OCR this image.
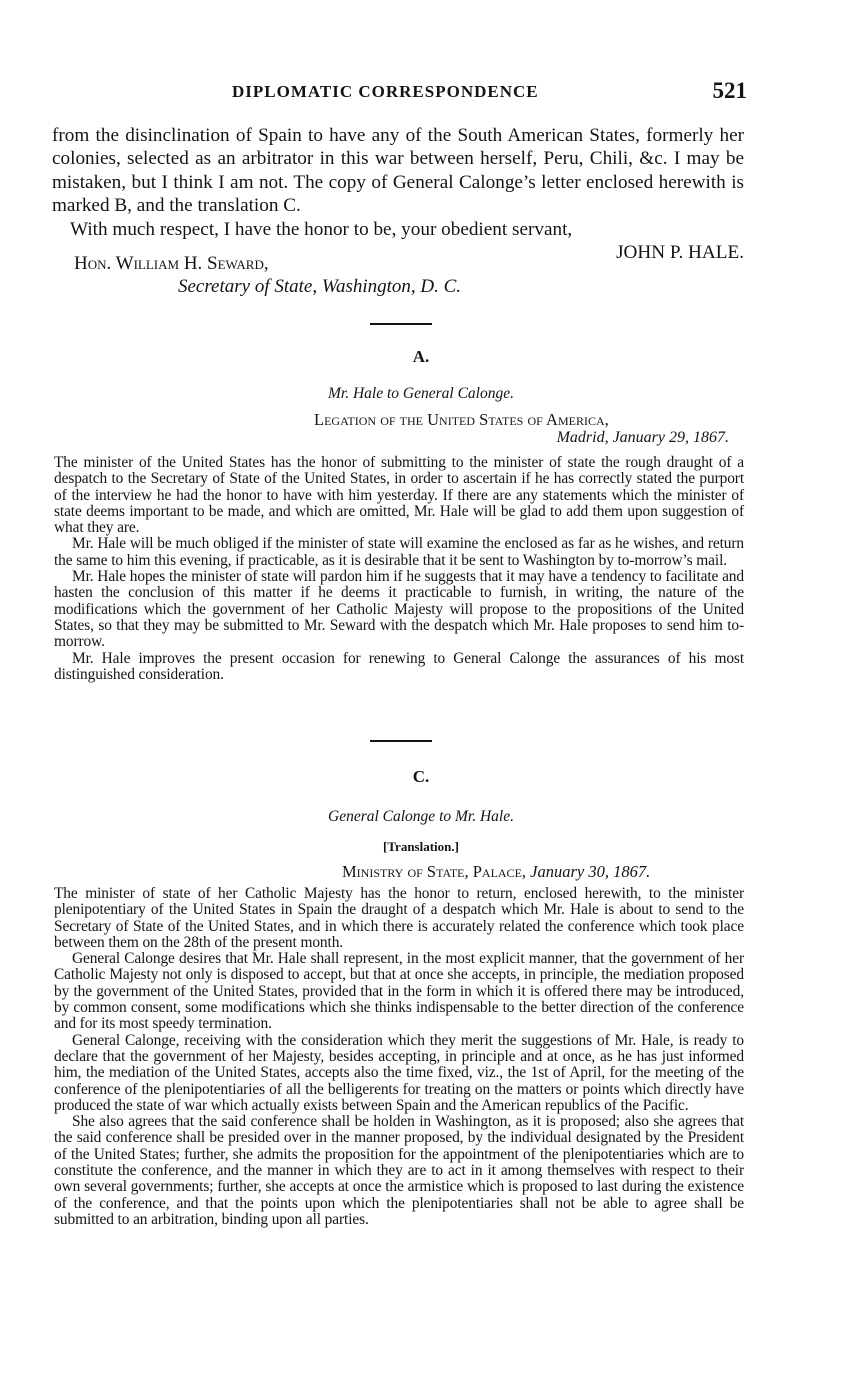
DIPLOMATIC CORRESPONDENCE	521

from the disinclination of Spain to have any of the South American States, formerly her colonies, selected as an arbitrator in this war between herself, Peru, Chili, &c. I may be mistaken, but I think I am not. The copy of General Calonge’s letter enclosed herewith is marked B, and the translation C.

With much respect, I have the honor to be, your obedient servant,

JOHN P. HALE.

Hon. William H. Seward,
Secretary of State, Washington, D. C.
A.
Mr. Hale to General Calonge.
Legation of the United States of America,
Madrid, January 29, 1867.

The minister of the United States has the honor of submitting to the minister of state the rough draught of a despatch to the Secretary of State of the United States, in order to ascertain if he has correctly stated the purport of the interview he had the honor to have with him yesterday. If there are any statements which the minister of state deems important to be made, and which are omitted, Mr. Hale will be glad to add them upon suggestion of what they are.

Mr. Hale will be much obliged if the minister of state will examine the enclosed as far as he wishes, and return the same to him this evening, if practicable, as it is desirable that it be sent to Washington by to-morrow’s mail.

Mr. Hale hopes the minister of state will pardon him if he suggests that it may have a tendency to facilitate and hasten the conclusion of this matter if he deems it practicable to furnish, in writing, the nature of the modifications which the government of her Catholic Majesty will propose to the propositions of the United States, so that they may be submitted to Mr. Seward with the despatch which Mr. Hale proposes to send him to-morrow.

Mr. Hale improves the present occasion for renewing to General Calonge the assurances of his most distinguished consideration.

C.
General Calonge to Mr. Hale.
[Translation.]
Ministry of State, Palace, January 30, 1867.

The minister of state of her Catholic Majesty has the honor to return, enclosed herewith, to the minister plenipotentiary of the United States in Spain the draught of a despatch which Mr. Hale is about to send to the Secretary of State of the United States, and in which there is accurately related the conference which took place between them on the 28th of the present month.

General Calonge desires that Mr. Hale shall represent, in the most explicit manner, that the government of her Catholic Majesty not only is disposed to accept, but that at once she accepts, in principle, the mediation proposed by the government of the United States, provided that in the form in which it is offered there may be introduced, by common consent, some modifications which she thinks indispensable to the better direction of the conference and for its most speedy termination.

General Calonge, receiving with the consideration which they merit the suggestions of Mr. Hale, is ready to declare that the government of her Majesty, besides accepting, in principle and at once, as he has just informed him, the mediation of the United States, accepts also the time fixed, viz., the 1st of April, for the meeting of the conference of the plenipotentiaries of all the belligerents for treating on the matters or points which directly have produced the state of war which actually exists between Spain and the American republics of the Pacific.

She also agrees that the said conference shall be holden in Washington, as it is proposed; also she agrees that the said conference shall be presided over in the manner proposed, by the individual designated by the President of the United States; further, she admits the proposition for the appointment of the plenipotentiaries which are to constitute the conference, and the manner in which they are to act in it among themselves with respect to their own several governments; further, she accepts at once the armistice which is proposed to last during the existence of the conference, and that the points upon which the plenipotentiaries shall not be able to agree shall be submitted to an arbitration, binding upon all parties.
